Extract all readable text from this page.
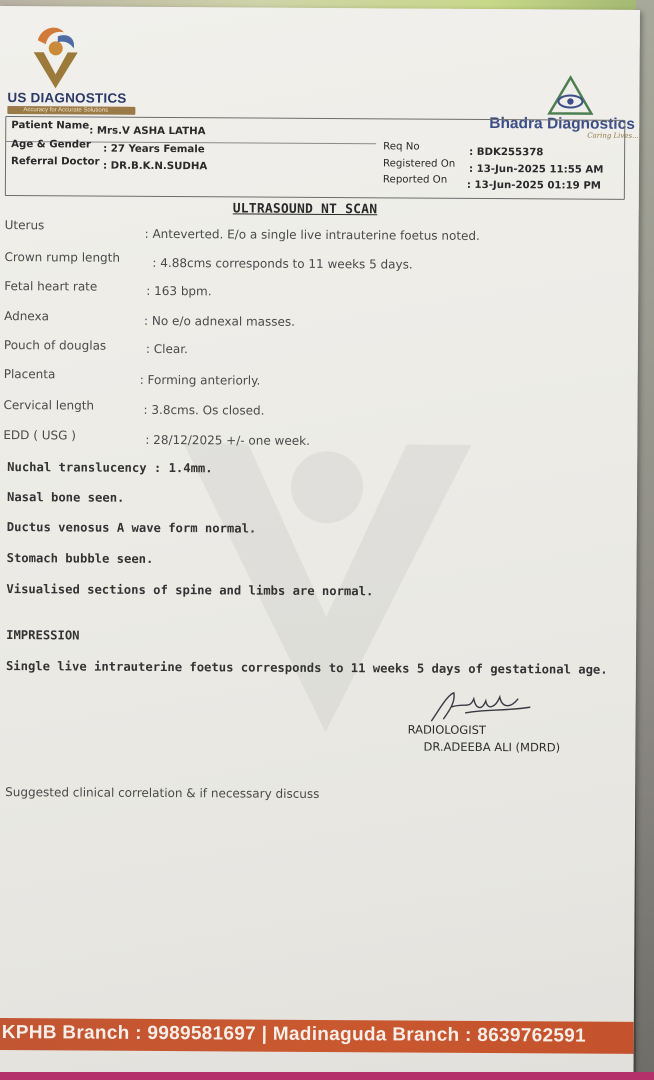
US DIAGNOSTICS
Accuracy for Accurate Solutions
Bhadra Diagnostics
Caring Lives...
Patient Name : Mrs.V ASHA LATHA
Age & Gender : 27 Years Female
Referral Doctor : DR.B.K.N.SUDHA
Req No	: BDK255378
Registered On : 13-Jun-2025 11:55 AM
Reported On : 13-Jun-2025 01:19 PM
ULTRASOUND NT SCAN
Uterus
: Anteverted. E/o a single live intrauterine foetus noted.
Crown rump length	: 4.88cms corresponds to 11 weeks 5 days.
Fetal heart rate	: 163 bpm.
Adnexa	: No e/o adnexal masses.
Pouch of douglas	: Clear.
Placenta	: Forming anteriorly.
Cervical length	: 3.8cms. Os closed.
EDD ( USG )	: 28/12/2025 +/- one week.
Nuchal translucency : 1.4mm.
Nasal bone seen.
Ductus venosus A wave form normal.
Stomach bubble seen.
Visualised sections of spine and limbs are normal.
IMPRESSION
Single live intrauterine foetus corresponds to 11 weeks 5 days of gestational age.
RADIOLOGIST
DR.ADEEBA ALI (MDRD)
Suggested clinical correlation & if necessary discuss
KPHB Branch : 9989581697 | Madinaguda Branch : 8639762591
